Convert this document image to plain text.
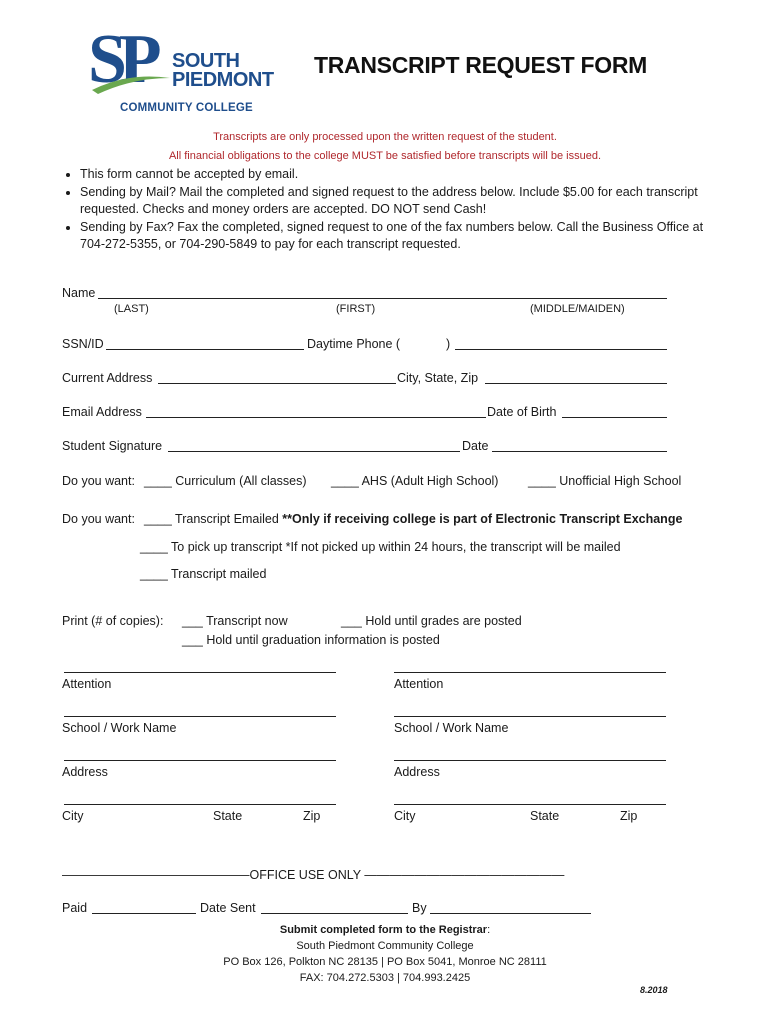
SP SOUTH
PIEDMONT
COMMUNITY COLLEGE
TRANSCRIPT REQUEST FORM
Transcripts are only processed upon the written request of the student.
All financial obligations to the college MUST be satisfied before transcripts will be issued.
• This form cannot be accepted by email.
• Sending by Mail? Mail the completed and signed request to the address below. Include $5.00 for each transcript requested. Checks and money orders are accepted. DO NOT send Cash!
• Sending by Fax? Fax the completed, signed request to one of the fax numbers below. Call the Business Office at 704-272-5355, or 704-290-5849 to pay for each transcript requested.
Name
(LAST)	(FIRST)	(MIDDLE/MAIDEN)
SSN/ID	Daytime Phone (	)
Current Address	City, State, Zip
Email Address	Date of Birth
Student Signature	Date
Do you want: ____ Curriculum (All classes) ____ AHS (Adult High School) ____ Unofficial High School
Do you want: ____ Transcript Emailed **Only if receiving college is part of Electronic Transcript Exchange
____ To pick up transcript *If not picked up within 24 hours, the transcript will be mailed
____ Transcript mailed
Print (# of copies): ___ Transcript now	___ Hold until grades are posted
___ Hold until graduation information is posted
Attention
School / Work Name
Address
City	State	Zip
Attention
School / Work Name
Address
City	State	Zip
———————————————OFFICE USE ONLY ————————————————
Paid	Date Sent	By
Submit completed form to the Registrar:
South Piedmont Community College
PO Box 126, Polkton NC 28135 | PO Box 5041, Monroe NC 28111
FAX: 704.272.5303 | 704.993.2425
8.2018
